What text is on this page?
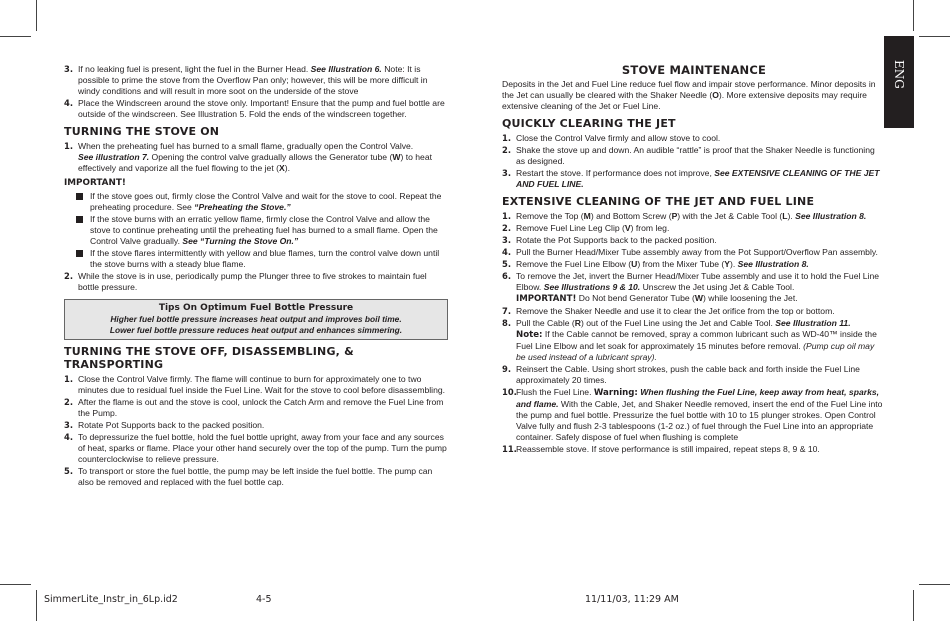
3. If no leaking fuel is present, light the fuel in the Burner Head. See Illustration 6. Note: It is possible to prime the stove from the Overflow Pan only; however, this will be more difficult in windy conditions and will result in more soot on the underside of the stove
4. Place the Windscreen around the stove only. Important! Ensure that the pump and fuel bottle are outside of the windscreen. See Illustration 5. Fold the ends of the windscreen together.
TURNING THE STOVE ON
1. When the preheating fuel has burned to a small flame, gradually open the Control Valve.
See illustration 7. Opening the control valve gradually allows the Generator tube (W) to heat effectively and vaporize all the fuel flowing to the jet (X).
IMPORTANT!
If the stove goes out, firmly close the Control Valve and wait for the stove to cool. Repeat the preheating procedure. See “Preheating the Stove.”
If the stove burns with an erratic yellow flame, firmly close the Control Valve and allow the stove to continue preheating until the preheating fuel has burned to a small flame. Open the Control Valve gradually. See “Turning the Stove On.”
If the stove flares intermittently with yellow and blue flames, turn the control valve down until the stove burns with a steady blue flame.
2. While the stove is in use, periodically pump the Plunger three to five strokes to maintain fuel bottle pressure.
Tips On Optimum Fuel Bottle Pressure
Higher fuel bottle pressure increases heat output and improves boil time.
Lower fuel bottle pressure reduces heat output and enhances simmering.
TURNING THE STOVE OFF, DISASSEMBLING, & TRANSPORTING
1. Close the Control Valve firmly. The flame will continue to burn for approximately one to two minutes due to residual fuel inside the Fuel Line. Wait for the stove to cool before disassembling.
2. After the flame is out and the stove is cool, unlock the Catch Arm and remove the Fuel Line from the Pump.
3. Rotate Pot Supports back to the packed position.
4. To depressurize the fuel bottle, hold the fuel bottle upright, away from your face and any sources of heat, sparks or flame. Place your other hand securely over the top of the pump. Turn the pump counterclockwise to relieve pressure.
5. To transport or store the fuel bottle, the pump may be left inside the fuel bottle. The pump can also be removed and replaced with the fuel bottle cap.
STOVE MAINTENANCE

Deposits in the Jet and Fuel Line reduce fuel flow and impair stove performance. Minor deposits in the Jet can usually be cleared with the Shaker Needle (O). More extensive deposits may require extensive cleaning of the Jet or Fuel Line.

QUICKLY CLEARING THE JET
1. Close the Control Valve firmly and allow stove to cool.
2. Shake the stove up and down. An audible “rattle” is proof that the Shaker Needle is functioning as designed.
3. Restart the stove. If performance does not improve, See EXTENSIVE CLEANING OF THE JET AND FUEL LINE.
EXTENSIVE CLEANING OF THE JET AND FUEL LINE
1. Remove the Top (M) and Bottom Screw (P) with the Jet & Cable Tool (L). See Illustration 8.
2. Remove Fuel Line Leg Clip (V) from leg.
3. Rotate the Pot Supports back to the packed position.
4. Pull the Burner Head/Mixer Tube assembly away from the Pot Support/Overflow Pan assembly.
5. Remove the Fuel Line Elbow (U) from the Mixer Tube (Y). See Illustration 8.
6. To remove the Jet, invert the Burner Head/Mixer Tube assembly and use it to hold the Fuel Line Elbow. See Illustrations 9 & 10. Unscrew the Jet using Jet & Cable Tool.
IMPORTANT! Do Not bend Generator Tube (W) while loosening the Jet.
7. Remove the Shaker Needle and use it to clear the Jet orifice from the top or bottom.
8. Pull the Cable (R) out of the Fuel Line using the Jet and Cable Tool. See Illustration 11.
Note: If the Cable cannot be removed, spray a common lubricant such as WD-40™ inside the Fuel Line Elbow and let soak for approximately 15 minutes before removal. (Pump cup oil may be used instead of a lubricant spray).
9. Reinsert the Cable. Using short strokes, push the cable back and forth inside the Fuel Line approximately 20 times.
10. Flush the Fuel Line. Warning: When flushing the Fuel Line, keep away from heat, sparks, and flame. With the Cable, Jet, and Shaker Needle removed, insert the end of the Fuel Line into the pump and fuel bottle. Pressurize the fuel bottle with 10 to 15 plunger strokes. Open Control Valve fully and flush 2-3 tablespoons (1-2 oz.) of fuel through the Fuel Line into an appropriate container. Safely dispose of fuel when flushing is complete
11. Reassemble stove. If stove performance is still impaired, repeat steps 8, 9 & 10.
ENG
SimmerLite_Instr_in_6Lp.id2	4-5	11/11/03, 11:29 AM
